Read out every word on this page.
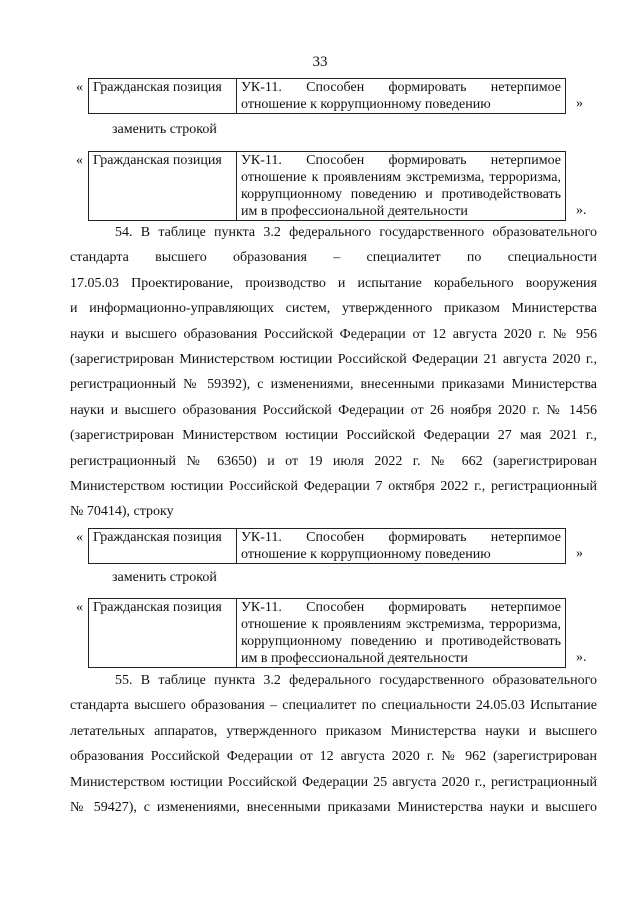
33
« Гражданская позиция	УК-11. Способен формировать нетерпимое
отношение к коррупционному поведению	»
заменить строкой
« Гражданская позиция	УК-11. Способен формировать нетерпимое
отношение к проявлениям экстремизма, терроризма,
коррупционному поведению и противодействовать
им в профессиональной деятельности	».
54. В таблице пункта 3.2 федерального государственного образовательного
стандарта высшего образования – специалитет по специальности
17.05.03 Проектирование, производство и испытание корабельного вооружения
и информационно-управляющих систем, утвержденного приказом Министерства
науки и высшего образования Российской Федерации от 12 августа 2020 г. № 956
(зарегистрирован Министерством юстиции Российской Федерации 21 августа 2020 г.,
регистрационный № 59392), с изменениями, внесенными приказами Министерства
науки и высшего образования Российской Федерации от 26 ноября 2020 г. № 1456
(зарегистрирован Министерством юстиции Российской Федерации 27 мая 2021 г.,
регистрационный № 63650) и от 19 июля 2022 г. № 662 (зарегистрирован
Министерством юстиции Российской Федерации 7 октября 2022 г., регистрационный
№ 70414), строку
« Гражданская позиция	УК-11. Способен формировать нетерпимое
отношение к коррупционному поведению	»
заменить строкой
« Гражданская позиция	УК-11. Способен формировать нетерпимое
отношение к проявлениям экстремизма, терроризма,
коррупционному поведению и противодействовать
им в профессиональной деятельности	».
55. В таблице пункта 3.2 федерального государственного образовательного
стандарта высшего образования – специалитет по специальности 24.05.03 Испытание
летательных аппаратов, утвержденного приказом Министерства науки и высшего
образования Российской Федерации от 12 августа 2020 г. № 962 (зарегистрирован
Министерством юстиции Российской Федерации 25 августа 2020 г., регистрационный
№ 59427), с изменениями, внесенными приказами Министерства науки и высшего
